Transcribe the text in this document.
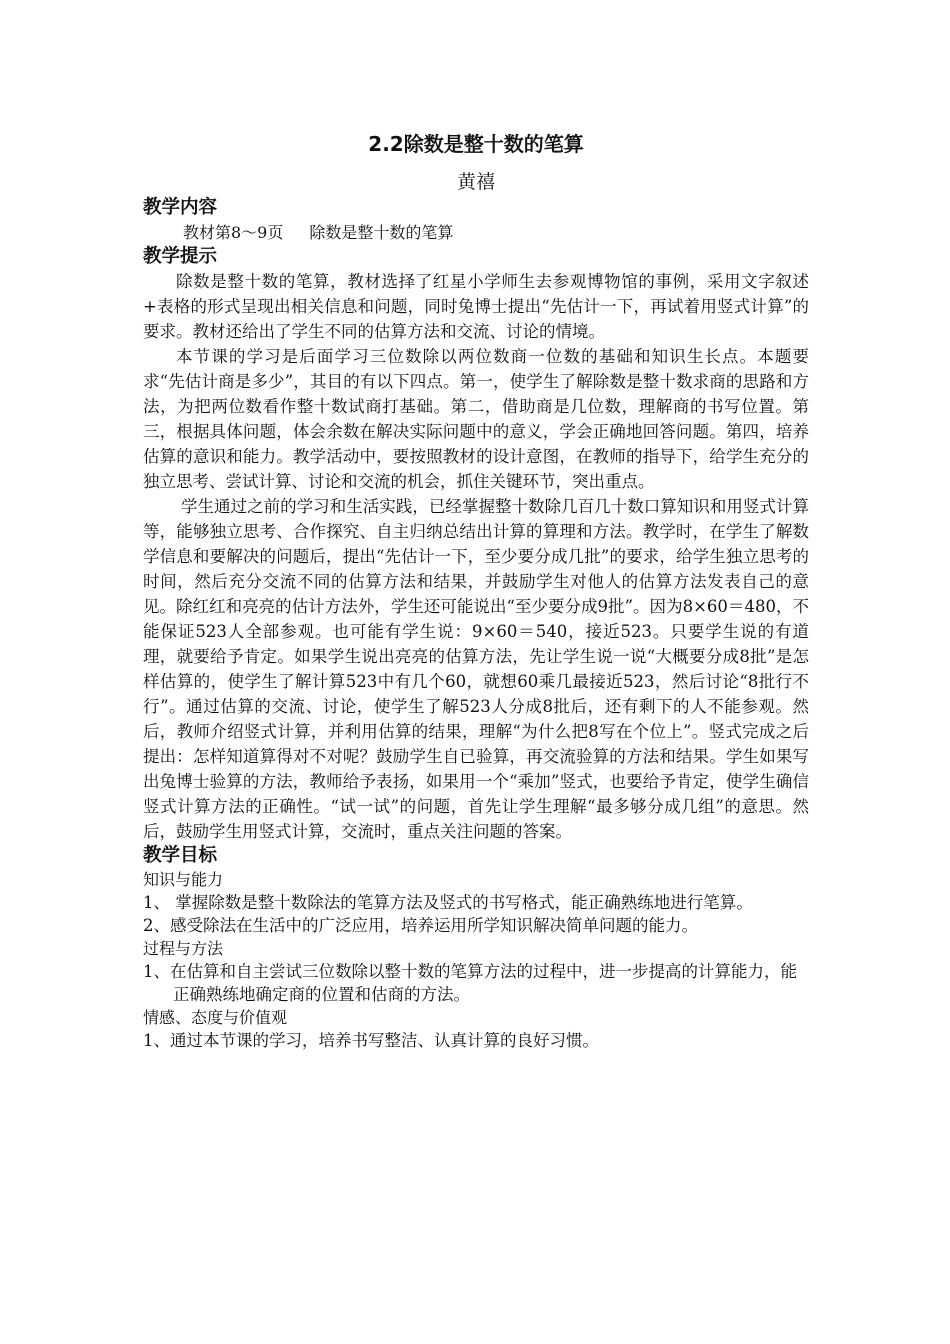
2.2除数是整十数的笔算
黄禧
教学内容
教材第8～9页 除数是整十数的笔算
教学提示

除数是整十数的笔算，教材选择了红星小学师生去参观博物馆的事例，采用文字叙述+表格的形式呈现出相关信息和问题，同时兔博士提出“先估计一下，再试着用竖式计算”的要求。教材还给出了学生不同的估算方法和交流、讨论的情境。

本节课的学习是后面学习三位数除以两位数商一位数的基础和知识生长点。本题要求“先估计商是多少”，其目的有以下四点。第一，使学生了解除数是整十数求商的思路和方法，为把两位数看作整十数试商打基础。第二，借助商是几位数，理解商的书写位置。第三，根据具体问题，体会余数在解决实际问题中的意义，学会正确地回答问题。第四，培养估算的意识和能力。教学活动中，要按照教材的设计意图，在教师的指导下，给学生充分的独立思考、尝试计算、讨论和交流的机会，抓住关键环节，突出重点。

学生通过之前的学习和生活实践，已经掌握整十数除几百几十数口算知识和用竖式计算等，能够独立思考、合作探究、自主归纳总结出计算的算理和方法。教学时，在学生了解数学信息和要解决的问题后，提出“先估计一下，至少要分成几批”的要求，给学生独立思考的时间，然后充分交流不同的估算方法和结果，并鼓励学生对他人的估算方法发表自己的意见。除红红和亮亮的估计方法外，学生还可能说出“至少要分成9批”。因为8×60＝480，不能保证523人全部参观。也可能有学生说：9×60＝540，接近523。只要学生说的有道理，就要给予肯定。如果学生说出亮亮的估算方法，先让学生说一说“大概要分成8批”是怎样估算的，使学生了解计算523中有几个60，就想60乘几最接近523，然后讨论“8批行不行”。通过估算的交流、讨论，使学生了解523人分成8批后，还有剩下的人不能参观。然后，教师介绍竖式计算，并利用估算的结果，理解“为什么把8写在个位上”。竖式完成之后提出：怎样知道算得对不对呢？鼓励学生自已验算，再交流验算的方法和结果。学生如果写出兔博士验算的方法，教师给予表扬，如果用一个“乘加”竖式，也要给予肯定，使学生确信竖式计算方法的正确性。“试一试”的问题，首先让学生理解“最多够分成几组”的意思。然后，鼓励学生用竖式计算，交流时，重点关注问题的答案。

教学目标
知识与能力
1、 掌握除数是整十数除法的笔算方法及竖式的书写格式，能正确熟练地进行笔算。
2、感受除法在生活中的广泛应用，培养运用所学知识解决简单问题的能力。
过程与方法
1、在估算和自主尝试三位数除以整十数的笔算方法的过程中，进一步提高的计算能力，能正确熟练地确定商的位置和估商的方法。
情感、态度与价值观
1、通过本节课的学习，培养书写整洁、认真计算的良好习惯。
